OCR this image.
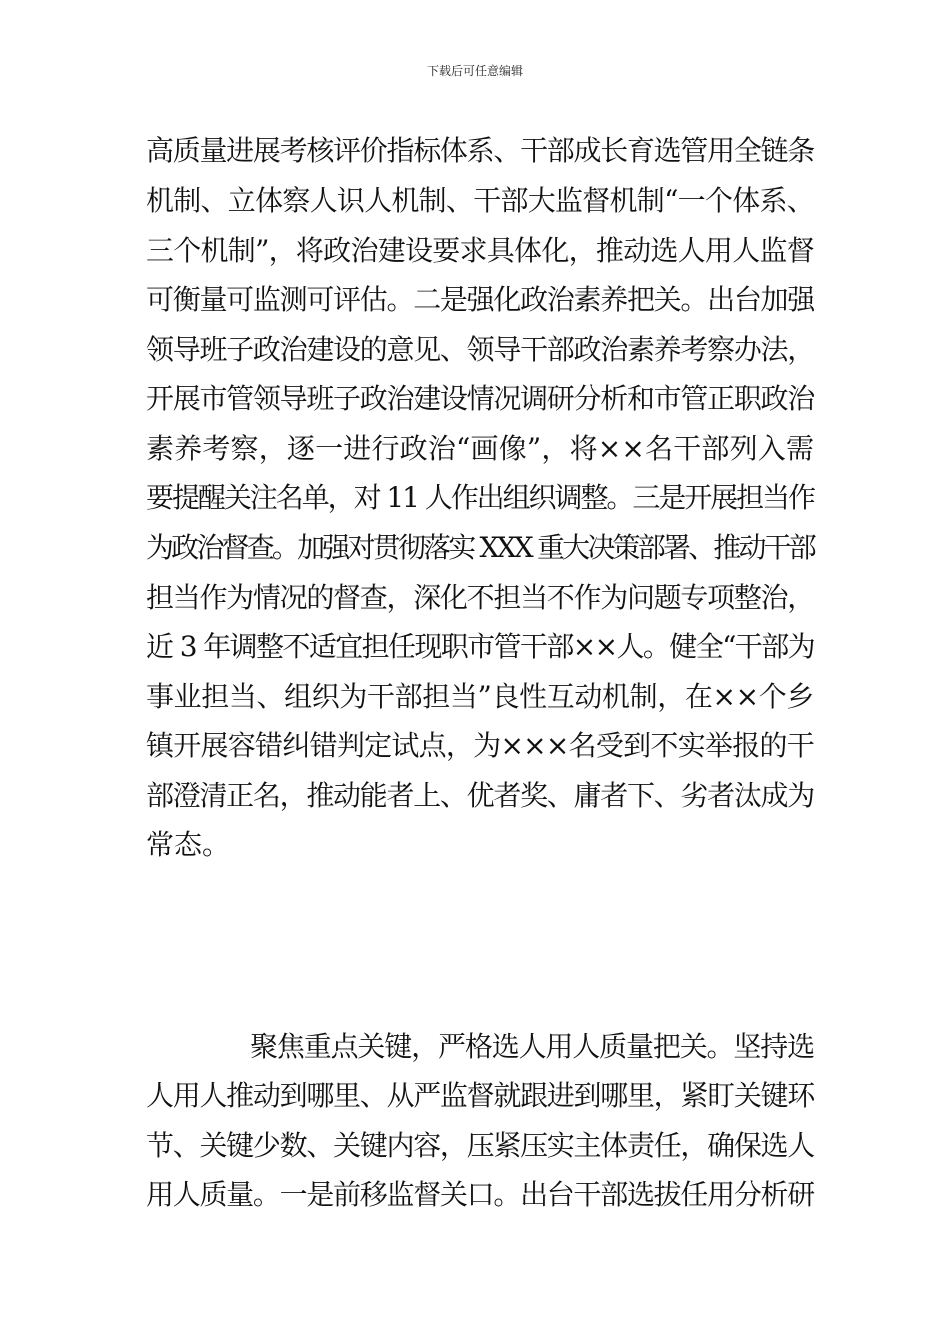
下载后可任意编辑
高质量进展考核评价指标体系、干部成长育选管用全链条
机制、立体察人识人机制、干部大监督机制“一个体系、
三个机制”，将政治建设要求具体化，推动选人用人监督
可衡量可监测可评估。二是强化政治素养把关。出台加强
领导班子政治建设的意见、领导干部政治素养考察办法，
开展市管领导班子政治建设情况调研分析和市管正职政治
素养考察，逐一进行政治“画像”，将××名干部列入需
要提醒关注名单，对 11 人作出组织调整。三是开展担当作
为政治督查。加强对贯彻落实 XXX 重大决策部署、推动干部
担当作为情况的督查，深化不担当不作为问题专项整治，
近 3 年调整不适宜担任现职市管干部××人。健全“干部为
事业担当、组织为干部担当”良性互动机制，在××个乡
镇开展容错纠错判定试点，为×××名受到不实举报的干
部澄清正名，推动能者上、优者奖、庸者下、劣者汰成为
常态。
聚焦重点关键，严格选人用人质量把关。坚持选
人用人推动到哪里、从严监督就跟进到哪里，紧盯关键环
节、关键少数、关键内容，压紧压实主体责任，确保选人
用人质量。一是前移监督关口。出台干部选拔任用分析研
